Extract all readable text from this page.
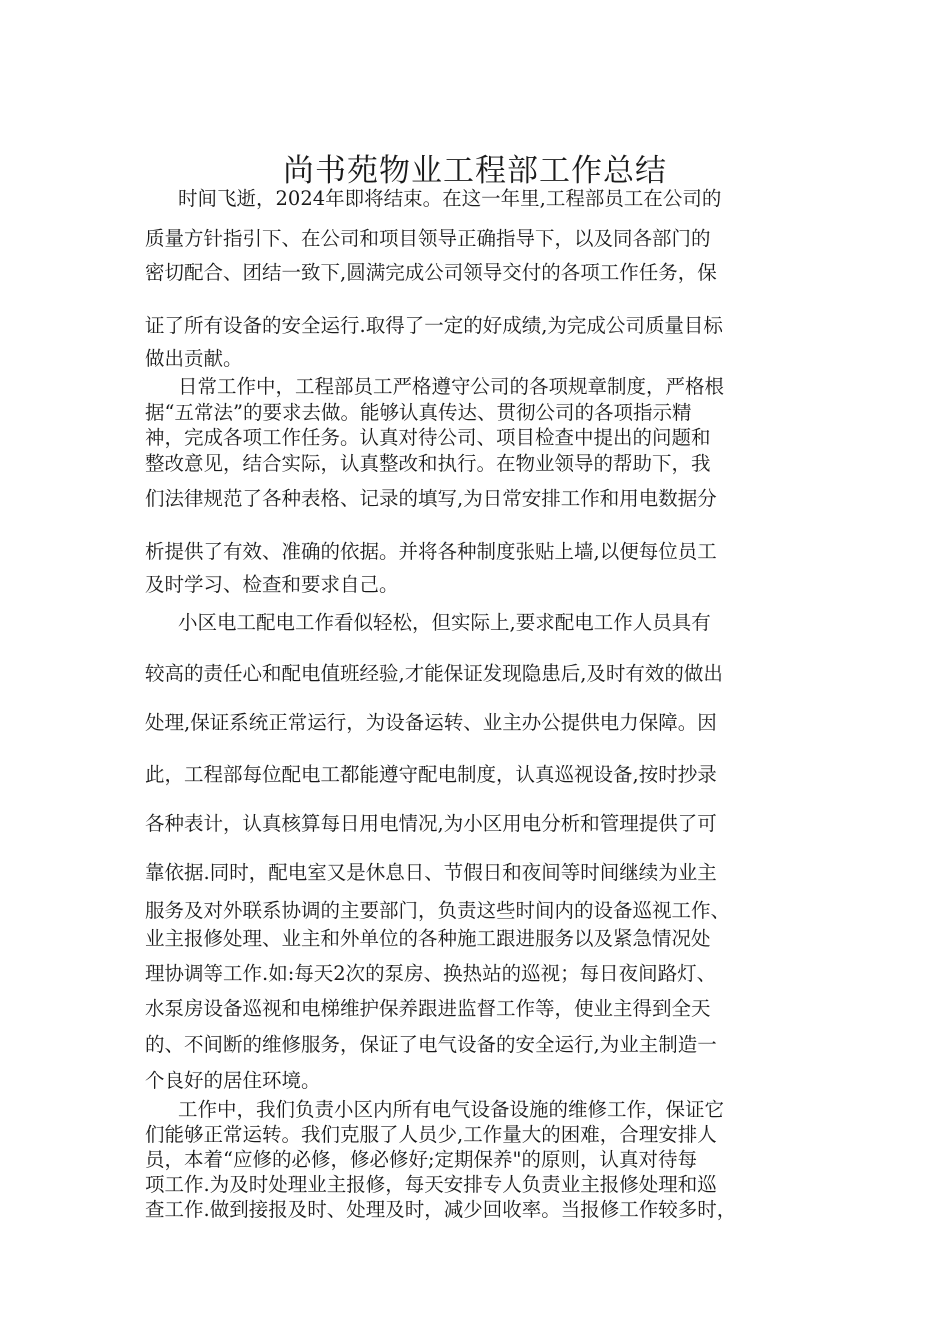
尚书苑物业工程部工作总结
时间飞逝，2024年即将结束。在这一年里,工程部员工在公司的
质量方针指引下、在公司和项目领导正确指导下，以及同各部门的
密切配合、团结一致下,圆满完成公司领导交付的各项工作任务，保
证了所有设备的安全运行.取得了一定的好成绩,为完成公司质量目标
做出贡献。
日常工作中，工程部员工严格遵守公司的各项规章制度，严格根
据“五常法”的要求去做。能够认真传达、贯彻公司的各项指示精
神，完成各项工作任务。认真对待公司、项目检查中提出的问题和
整改意见，结合实际，认真整改和执行。在物业领导的帮助下，我
们法律规范了各种表格、记录的填写,为日常安排工作和用电数据分
析提供了有效、准确的依据。并将各种制度张贴上墙,以便每位员工
及时学习、检查和要求自己。
小区电工配电工作看似轻松，但实际上,要求配电工作人员具有
较高的责任心和配电值班经验,才能保证发现隐患后,及时有效的做出
处理,保证系统正常运行，为设备运转、业主办公提供电力保障。因
此，工程部每位配电工都能遵守配电制度，认真巡视设备,按时抄录
各种表计，认真核算每日用电情况,为小区用电分析和管理提供了可
靠依据.同时，配电室又是休息日、节假日和夜间等时间继续为业主
服务及对外联系协调的主要部门，负责这些时间内的设备巡视工作、
业主报修处理、业主和外单位的各种施工跟进服务以及紧急情况处
理协调等工作.如:每天2次的泵房、换热站的巡视；每日夜间路灯、
水泵房设备巡视和电梯维护保养跟进监督工作等，使业主得到全天
的、不间断的维修服务，保证了电气设备的安全运行,为业主制造一
个良好的居住环境。
工作中，我们负责小区内所有电气设备设施的维修工作，保证它
们能够正常运转。我们克服了人员少,工作量大的困难，合理安排人
员，本着“应修的必修，修必修好;定期保养"的原则，认真对待每
项工作.为及时处理业主报修，每天安排专人负责业主报修处理和巡
查工作.做到接报及时、处理及时，减少回收率。当报修工作较多时，
